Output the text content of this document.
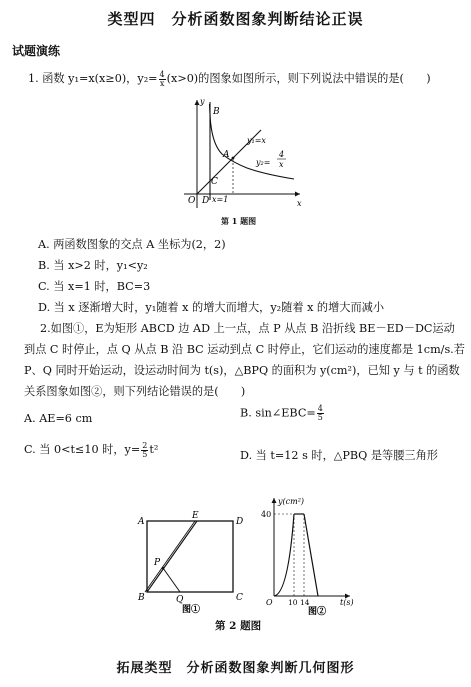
类型四　分析函数图象判断结论正误
试题演练
1. 函数 y₁=x(x≥0)，$y_2= \frac{4}{x} (x>0)$的图象如图所示，则下列说法中错误的是(　　)
B
A
C
O D
y
x
y₁=x
y₂=
4
x
x=1
第 1 题图
A. 两函数图象的交点 A 坐标为(2，2)
B. 当 x>2 时，y₁<y₂
C. 当 x=1 时，BC=3
D. 当 x 逐渐增大时，y₁随着 x 的增大而增大，y₂随着 x 的增大而减小
2.如图①，E为矩形 ABCD 边 AD 上一点，点 P 从点 B 沿折线 BE－ED－DC运动
到点 C 时停止，点 Q 从点 B 沿 BC 运动到点 C 时停止，它们运动的速度都是 1cm/s.若
P、Q 同时开始运动，设运动时间为 t(s)，△BPQ 的面积为 y(cm²)，已知 y 与 t 的函数
关系图象如图②，则下列结论错误的是(　　)
A. AE=6 cm	B. sin∠EBC= $\frac{4}{5}$
C. 当 0<t≤10 时，$y= \frac{2}{5} t^2$	D. 当 t=12 s 时，△PBQ 是等腰三角形
A
E
D
P
B	Q	C
图①
y(cm²)
40
O 10 14	t(s)
图②
第 2 题图
拓展类型　分析函数图象判断几何图形
